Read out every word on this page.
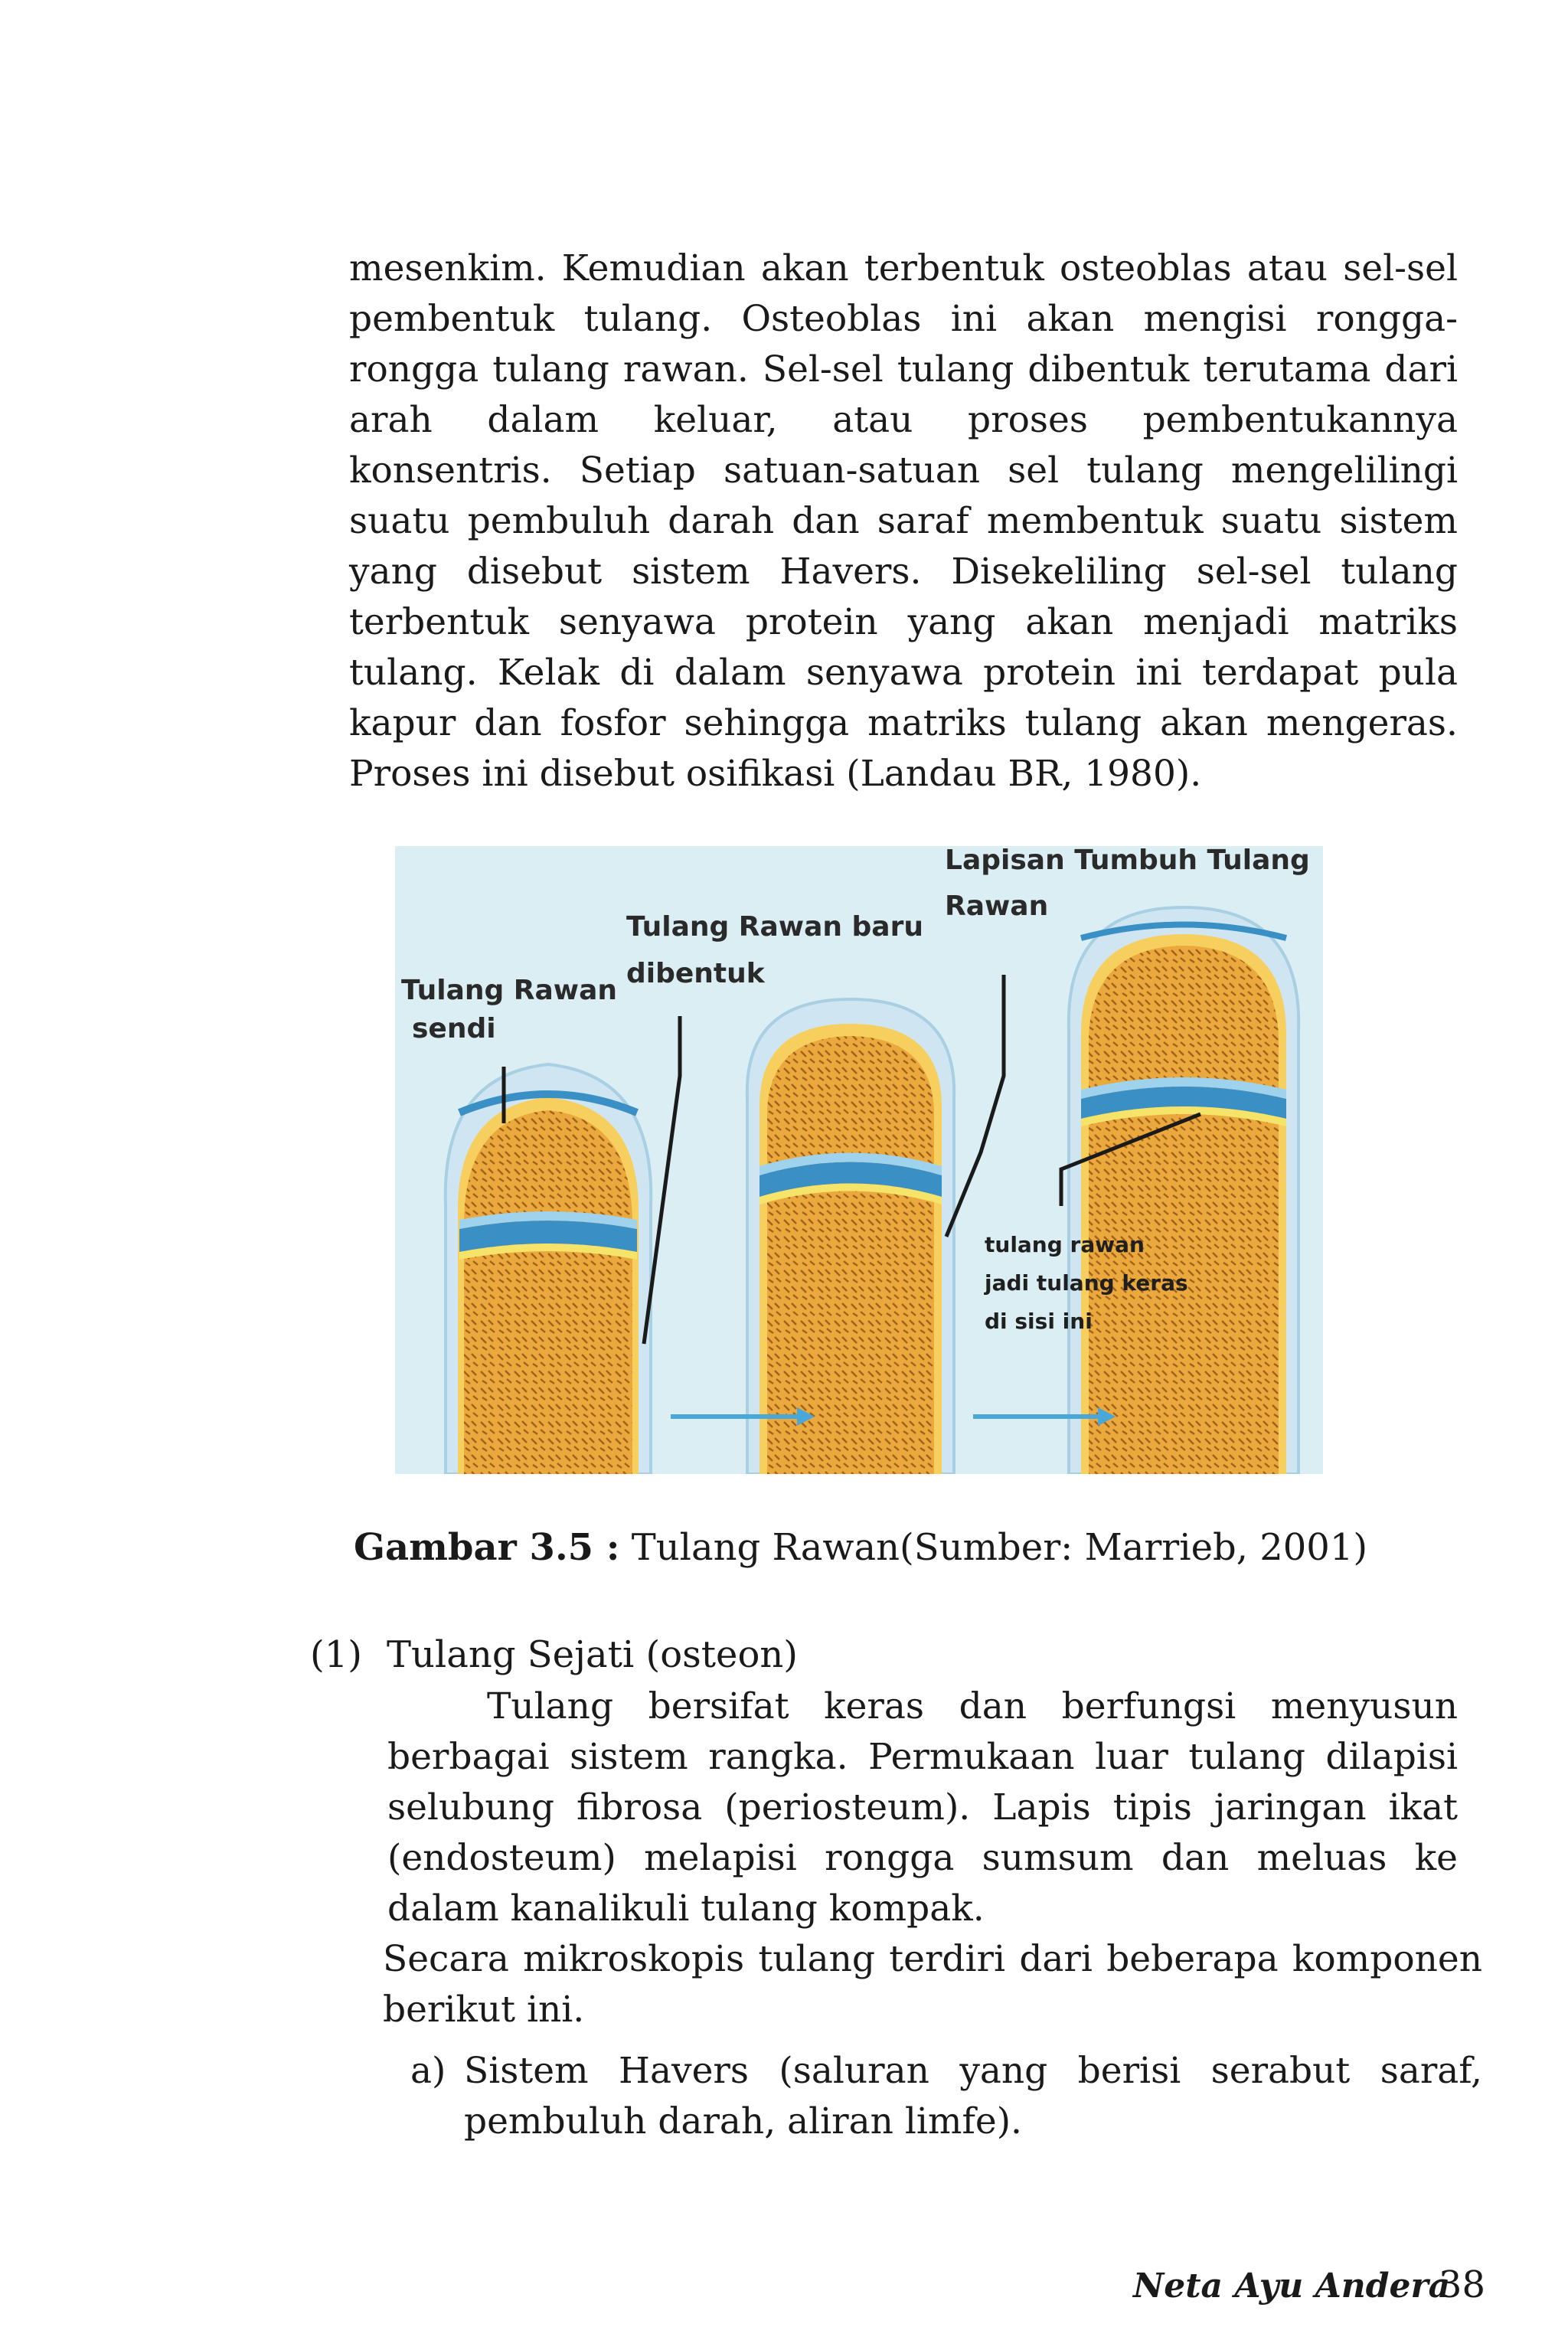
mesenkim. Kemudian akan terbentuk osteoblas atau sel-sel
pembentuk tulang. Osteoblas ini akan mengisi rongga-
rongga tulang rawan. Sel-sel tulang dibentuk terutama dari
arah dalam keluar, atau proses pembentukannya
konsentris. Setiap satuan-satuan sel tulang mengelilingi
suatu pembuluh darah dan saraf membentuk suatu sistem
yang disebut sistem Havers. Disekeliling sel-sel tulang
terbentuk senyawa protein yang akan menjadi matriks
tulang. Kelak di dalam senyawa protein ini terdapat pula
kapur dan fosfor sehingga matriks tulang akan mengeras.
Proses ini disebut osifikasi (Landau BR, 1980).
Tulang Rawan
sendi
Tulang Rawan baru
dibentuk
Lapisan Tumbuh Tulang
Rawan
tulang rawan
jadi tulang keras
di sisi ini
Gambar 3.5 : Tulang Rawan(Sumber: Marrieb, 2001)
(1) Tulang Sejati (osteon)
Tulang bersifat keras dan berfungsi menyusun
berbagai sistem rangka. Permukaan luar tulang dilapisi
selubung fibrosa (periosteum). Lapis tipis jaringan ikat
(endosteum) melapisi rongga sumsum dan meluas ke
dalam kanalikuli tulang kompak.
Secara mikroskopis tulang terdiri dari beberapa komponen
berikut ini.
a) Sistem Havers (saluran yang berisi serabut saraf,
pembuluh darah, aliran limfe).
Neta Ayu Andera
38
